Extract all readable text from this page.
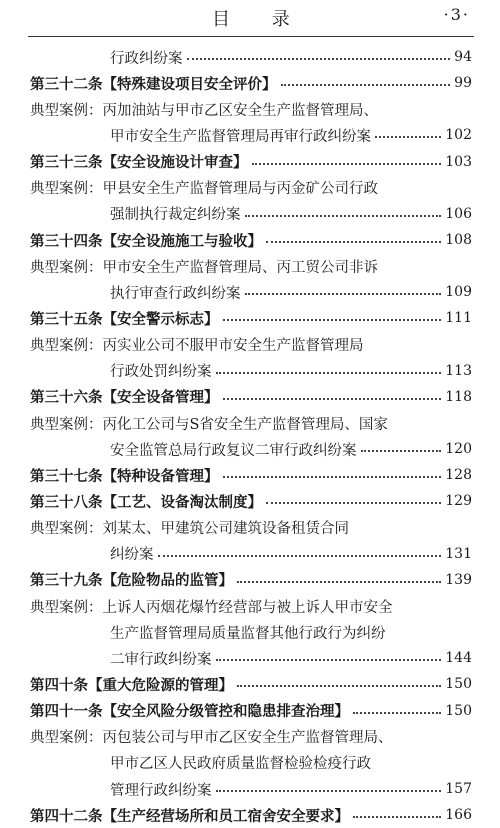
目 录	·3·
行政纠纷案	94
第三十二条【特殊建设项目安全评价】	99
典型案例：丙加油站与甲市乙区安全生产监督管理局、
甲市安全生产监督管理局再审行政纠纷案	102
第三十三条【安全设施设计审查】	103
典型案例：甲县安全生产监督管理局与丙金矿公司行政
强制执行裁定纠纷案	106
第三十四条【安全设施施工与验收】	108
典型案例：甲市安全生产监督管理局、丙工贸公司非诉
执行审查行政纠纷案	109
第三十五条【安全警示标志】	111
典型案例：丙实业公司不服甲市安全生产监督管理局
行政处罚纠纷案	113
第三十六条【安全设备管理】	118
典型案例：丙化工公司与S省安全生产监督管理局、国家
安全监管总局行政复议二审行政纠纷案	120
第三十七条【特种设备管理】	128
第三十八条【工艺、设备淘汰制度】	129
典型案例：刘某太、甲建筑公司建筑设备租赁合同
纠纷案	131
第三十九条【危险物品的监管】	139
典型案例：上诉人丙烟花爆竹经营部与被上诉人甲市安全
生产监督管理局质量监督其他行政行为纠纷
二审行政纠纷案	144
第四十条【重大危险源的管理】	150
第四十一条【安全风险分级管控和隐患排查治理】	150
典型案例：丙包装公司与甲市乙区安全生产监督管理局、
甲市乙区人民政府质量监督检验检疫行政
管理行政纠纷案	157
第四十二条【生产经营场所和员工宿舍安全要求】	166
